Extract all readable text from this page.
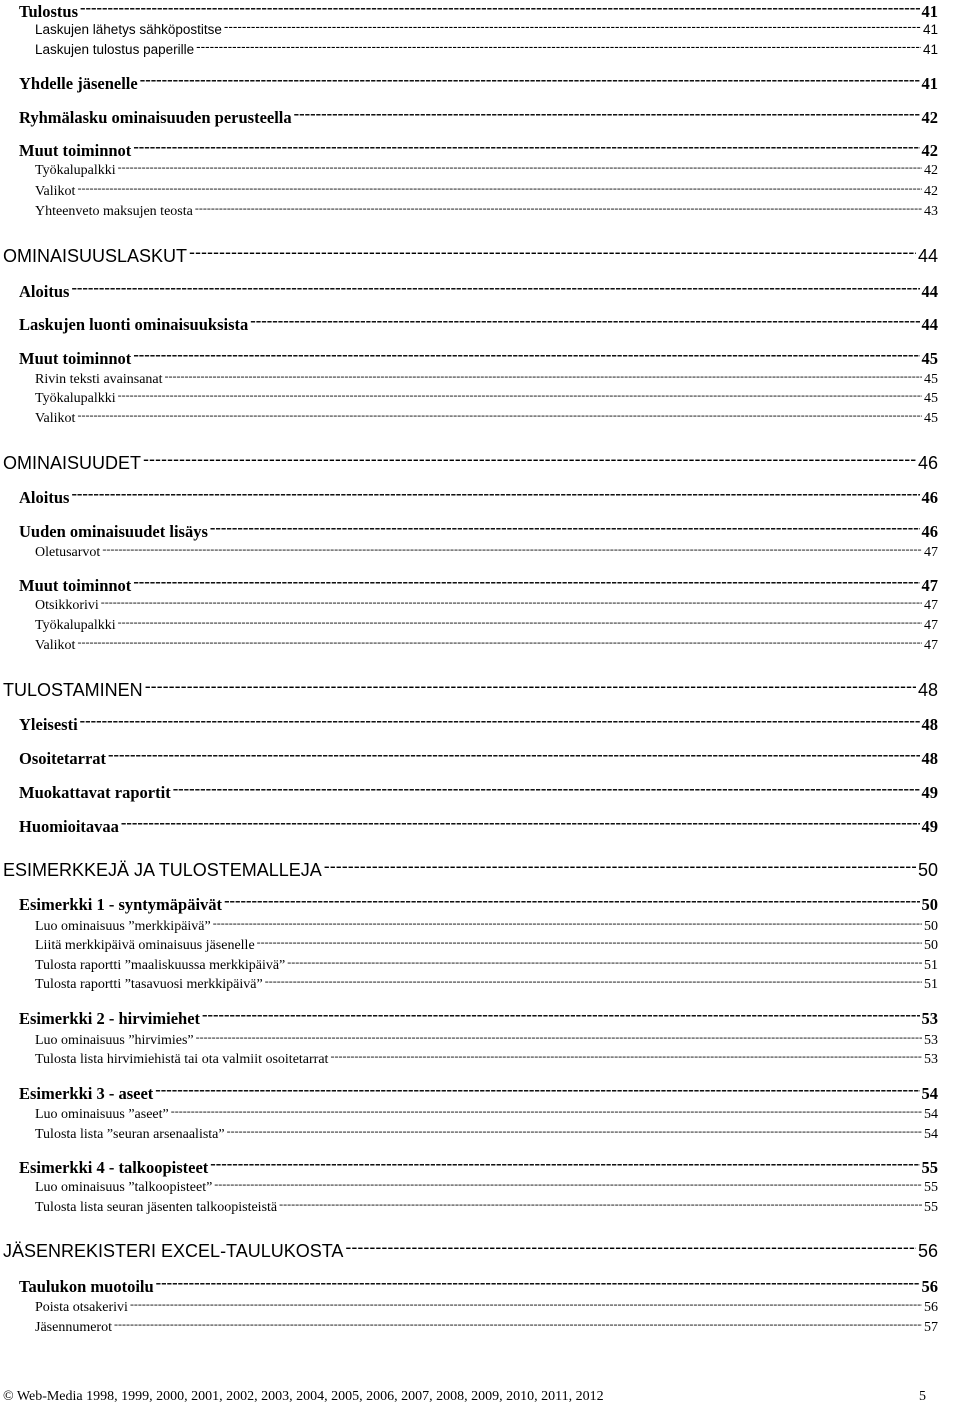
Tulostus -----	41
Laskujen lähetys sähköpostitse -----	41
Laskujen tulostus paperille -----	41
Yhdelle jäsenelle -----	41
Ryhmälasku ominaisuuden perusteella -----	42
Muut toiminnot -----	42
Työkalupalkki -----	42
Valikot -----	42
Yhteenveto maksujen teosta -----	43
OMINAISUUSLASKUT -----	44
Aloitus -----	44
Laskujen luonti ominaisuuksista -----	44
Muut toiminnot -----	45
Rivin teksti avainsanat -----	45
Työkalupalkki -----	45
Valikot -----	45
OMINAISUUDET -----	46
Aloitus -----	46
Uuden ominaisuudet lisäys -----	46
Oletusarvot -----	47
Muut toiminnot -----	47
Otsikkorivi -----	47
Työkalupalkki -----	47
Valikot -----	47
TULOSTAMINEN -----	48
Yleisesti -----	48
Osoitetarrat -----	48
Muokattavat raportit -----	49
Huomioitavaa -----	49
ESIMERKKEJÄ JA TULOSTEMALLEJA -----	50
Esimerkki 1 - syntymäpäivät -----	50
Luo ominaisuus ”merkkipäivä” -----	50
Liitä merkkipäivä ominaisuus jäsenelle -----	50
Tulosta raportti ”maaliskuussa merkkipäivä” -----	51
Tulosta raportti ”tasavuosi merkkipäivä” -----	51
Esimerkki 2 - hirvimiehet -----	53
Luo ominaisuus ”hirvimies” -----	53
Tulosta lista hirvimiehistä tai ota valmiit osoitetarrat -----	53
Esimerkki 3 - aseet -----	54
Luo ominaisuus ”aseet” -----	54
Tulosta lista ”seuran arsenaalista” -----	54
Esimerkki 4 - talkoopisteet -----	55
Luo ominaisuus ”talkoopisteet” -----	55
Tulosta lista seuran jäsenten talkoopisteistä -----	55
JÄSENREKISTERI EXCEL-TAULUKOSTA -----	56
Taulukon muotoilu -----	56
Poista otsakerivi -----	56
Jäsennumerot -----	57
© Web-Media 1998, 1999, 2000, 2001, 2002, 2003, 2004, 2005, 2006, 2007, 2008, 2009, 2010, 2011, 2012	5
